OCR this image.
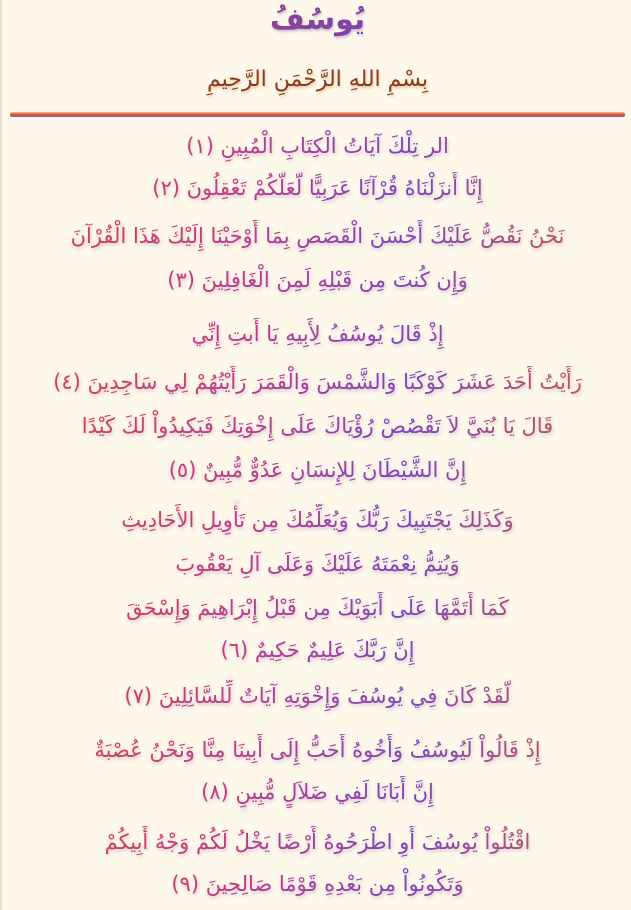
يُوسُفُ
بِسْمِ اللهِ الرَّحْمَنِ الرَّحِيمِ
الر تِلْكَ آيَاتُ الْكِتَابِ الْمُبِينِ (١)
إِنَّا أَنزَلْنَاهُ قُرْآنًا عَرَبِيًّا لَّعَلَّكُمْ تَعْقِلُونَ (٢)
نَحْنُ نَقُصُّ عَلَيْكَ أَحْسَنَ الْقَصَصِ بِمَا أَوْحَيْنَا إِلَيْكَ هَذَا الْقُرْآنَ
وَإِن كُنتَ مِن قَبْلِهِ لَمِنَ الْغَافِلِينَ (٣)
إِذْ قَالَ يُوسُفُ لِأَبِيهِ يَا أَبتِ إِنِّي
رَأَيْتُ أَحَدَ عَشَرَ كَوْكَبًا وَالشَّمْسَ وَالْقَمَرَ رَأَيْتُهُمْ لِي سَاجِدِينَ (٤)
قَالَ يَا بُنَيَّ لاَ تَقْصُصْ رُؤْيَاكَ عَلَى إِخْوَتِكَ فَيَكِيدُواْ لَكَ كَيْدًا
إِنَّ الشَّيْطَانَ لِلإِنسَانِ عَدُوٌّ مُّبِينٌ (٥)
وَكَذَلِكَ يَجْتَبِيكَ رَبُّكَ وَيُعَلِّمُكَ مِن تَأْوِيلِ الأَحَادِيثِ
وَيُتِمُّ نِعْمَتَهُ عَلَيْكَ وَعَلَى آلِ يَعْقُوبَ
كَمَا أَتَمَّهَا عَلَى أَبَوَيْكَ مِن قَبْلُ إِبْرَاهِيمَ وَإِسْحَقَ
إِنَّ رَبَّكَ عَلِيمٌ حَكِيمٌ (٦)
لَّقَدْ كَانَ فِي يُوسُفَ وَإِخْوَتِهِ آيَاتٌ لِّلسَّائِلِينَ (٧)
إِذْ قَالُواْ لَيُوسُفُ وَأَخُوهُ أَحَبُّ إِلَى أَبِينَا مِنَّا وَنَحْنُ عُصْبَةٌ
إِنَّ أَبَانَا لَفِي ضَلاَلٍ مُّبِينٍ (٨)
اقْتُلُواْ يُوسُفَ أَوِ اطْرَحُوهُ أَرْضًا يَخْلُ لَكُمْ وَجْهُ أَبِيكُمْ
وَتَكُونُواْ مِن بَعْدِهِ قَوْمًا صَالِحِينَ (٩)
